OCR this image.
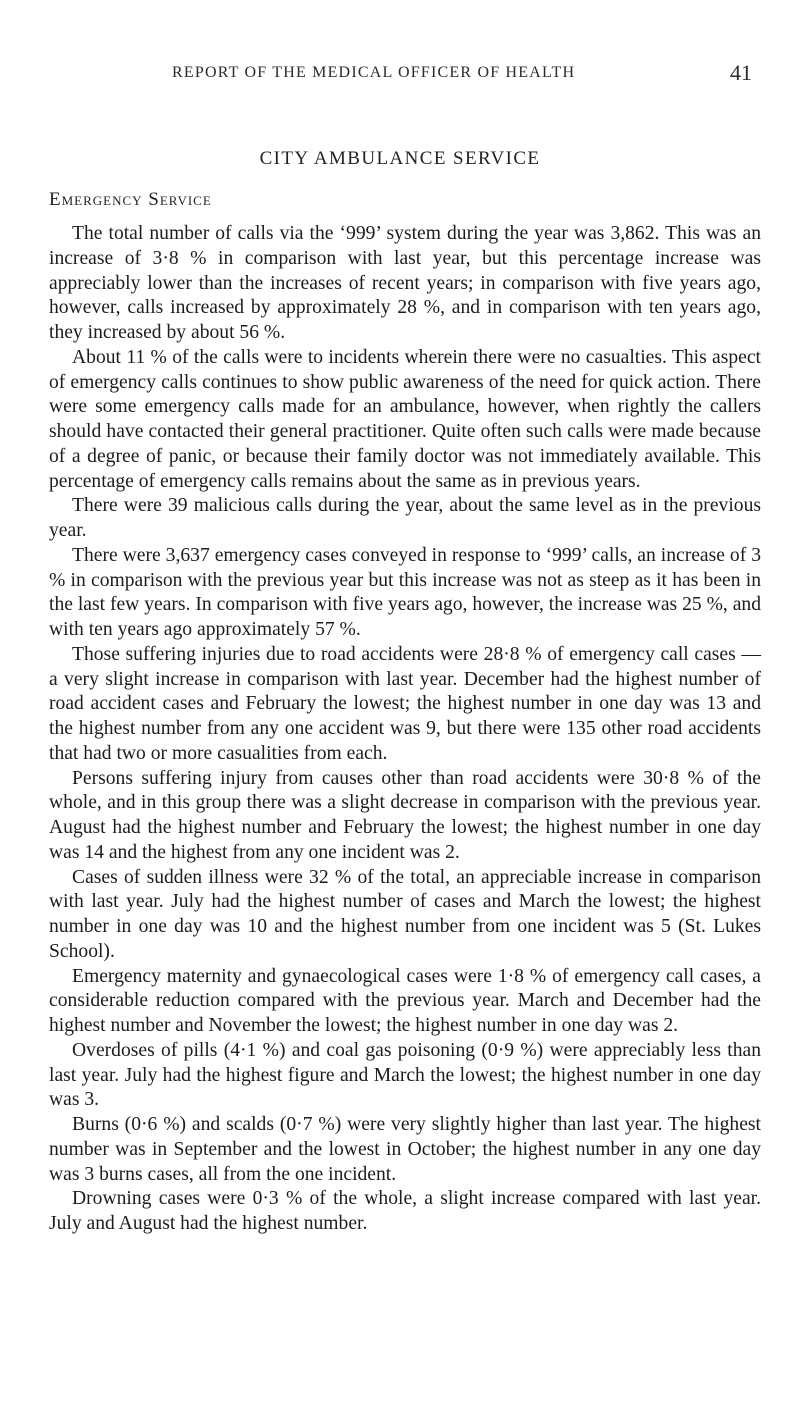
REPORT OF THE MEDICAL OFFICER OF HEALTH	41
CITY AMBULANCE SERVICE
Emergency Service

The total number of calls via the ‘999’ system during the year was 3,862. This was an increase of 3·8 % in comparison with last year, but this percentage increase was appreciably lower than the increases of recent years; in comparison with five years ago, however, calls increased by approximately 28 %, and in comparison with ten years ago, they increased by about 56 %.

About 11 % of the calls were to incidents wherein there were no casualties. This aspect of emergency calls continues to show public awareness of the need for quick action. There were some emergency calls made for an ambulance, however, when rightly the callers should have contacted their general practitioner. Quite often such calls were made because of a degree of panic, or because their family doctor was not immediately available. This percentage of emergency calls remains about the same as in previous years.

There were 39 malicious calls during the year, about the same level as in the previous year.

There were 3,637 emergency cases conveyed in response to ‘999’ calls, an increase of 3 % in comparison with the previous year but this increase was not as steep as it has been in the last few years. In comparison with five years ago, however, the increase was 25 %, and with ten years ago approximately 57 %.

Those suffering injuries due to road accidents were 28·8 % of emergency call cases — a very slight increase in comparison with last year. December had the highest number of road accident cases and February the lowest; the highest number in one day was 13 and the highest number from any one accident was 9, but there were 135 other road accidents that had two or more casualities from each.

Persons suffering injury from causes other than road accidents were 30·8 % of the whole, and in this group there was a slight decrease in comparison with the previous year. August had the highest number and February the lowest; the highest number in one day was 14 and the highest from any one incident was 2.

Cases of sudden illness were 32 % of the total, an appreciable increase in comparison with last year. July had the highest number of cases and March the lowest; the highest number in one day was 10 and the highest number from one incident was 5 (St. Lukes School).

Emergency maternity and gynaecological cases were 1·8 % of emergency call cases, a considerable reduction compared with the previous year. March and December had the highest number and November the lowest; the highest number in one day was 2.

Overdoses of pills (4·1 %) and coal gas poisoning (0·9 %) were appreciably less than last year. July had the highest figure and March the lowest; the highest number in one day was 3.

Burns (0·6 %) and scalds (0·7 %) were very slightly higher than last year. The highest number was in September and the lowest in October; the highest number in any one day was 3 burns cases, all from the one incident.

Drowning cases were 0·3 % of the whole, a slight increase compared with last year. July and August had the highest number.
